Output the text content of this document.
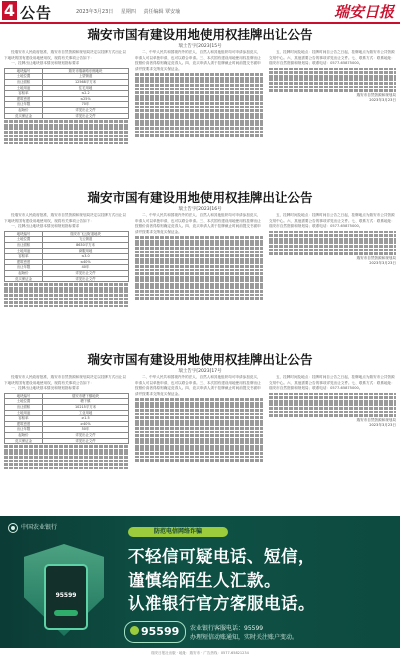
4 公告	2023年3月23日 星期四 责任编辑 覃安瑜	瑞安日报
瑞安市国有建设用地使用权挂牌出让公告
瑞土告字[2023]15号

经瑞安市人民政府批准，瑞安市自然资源和规划局决定以挂牌方式出让以下地块的国有建设用地使用权，现将有关事项公告如下：

一、挂牌出让地块基本情况和规划指标要求

地块编号	瑞安市瑞新路东侧地块
土地位置	上望街道
出让面积	12568平方米
土地用途	住宅用地
容积率	≤2.2
建筑密度	≤25%
出让年限	70年
起始价	详见出让文件
竞买保证金	详见出让文件

二、中华人民共和国境内外的法人、自然人和其他组织均可申请参加竞买，申请人可以单独申请，也可以联合申请。三、本次国有建设用地使用权挂牌出让按照价高者得原则确定竞得人。四、竞买申请人须于挂牌截止时间前提交书面申请并按要求交纳竞买保证金。

五、挂牌时间及地点：挂牌时间自公告之日起，挂牌地点为瑞安市公共资源交易中心。六、其他需要公告的事项详见出让文件。七、联系方式：联系地址：瑞安市自然资源和规划局；联系电话：0577-65875000。

瑞安市自然资源和规划局
2023年3月23日
瑞安市国有建设用地使用权挂牌出让公告
瑞土告字[2023]16号

经瑞安市人民政府批准，瑞安市自然资源和规划局决定以挂牌方式出让以下地块的国有建设用地使用权，现将有关事项公告如下：

一、挂牌出让地块基本情况和规划指标要求

地块编号	瑞安市飞云街道地块
土地位置	飞云街道
出让面积	8630平方米
土地用途	商服用地
容积率	≤3.0
建筑密度	≤40%
出让年限	40年
起始价	详见出让文件
竞买保证金	详见出让文件

二、中华人民共和国境内外的法人、自然人和其他组织均可申请参加竞买，申请人可以单独申请，也可以联合申请。三、本次国有建设用地使用权挂牌出让按照价高者得原则确定竞得人。四、竞买申请人须于挂牌截止时间前提交书面申请并按要求交纳竞买保证金。

五、挂牌时间及地点：挂牌时间自公告之日起，挂牌地点为瑞安市公共资源交易中心。六、其他需要公告的事项详见出让文件。七、联系方式：联系地址：瑞安市自然资源和规划局；联系电话：0577-65875000。

瑞安市自然资源和规划局
2023年3月23日
瑞安市国有建设用地使用权挂牌出让公告
瑞土告字[2023]17号

经瑞安市人民政府批准，瑞安市自然资源和规划局决定以挂牌方式出让以下地块的国有建设用地使用权，现将有关事项公告如下：

一、挂牌出让地块基本情况和规划指标要求

地块编号	瑞安市塘下镇地块
土地位置	塘下镇
出让面积	10215平方米
土地用途	工业用地
容积率	≥1.5
建筑密度	≥40%
出让年限	50年
起始价	详见出让文件
竞买保证金	详见出让文件

二、中华人民共和国境内外的法人、自然人和其他组织均可申请参加竞买，申请人可以单独申请，也可以联合申请。三、本次国有建设用地使用权挂牌出让按照价高者得原则确定竞得人。四、竞买申请人须于挂牌截止时间前提交书面申请并按要求交纳竞买保证金。

五、挂牌时间及地点：挂牌时间自公告之日起，挂牌地点为瑞安市公共资源交易中心。六、其他需要公告的事项详见出让文件。七、联系方式：联系地址：瑞安市自然资源和规划局；联系电话：0577-65875000。

瑞安市自然资源和规划局
2023年3月23日
中国农业银行
防范电信网络诈骗
不轻信可疑电话、短信，
谨慎给陌生人汇款。
认准银行官方客服电话。
95599
95599 农业银行客服电话：95599
办理短信动账通知，实时关注账户变动。
瑞安日报社出版 · 地址：瑞安市 · 广告热线：0577-65821234
